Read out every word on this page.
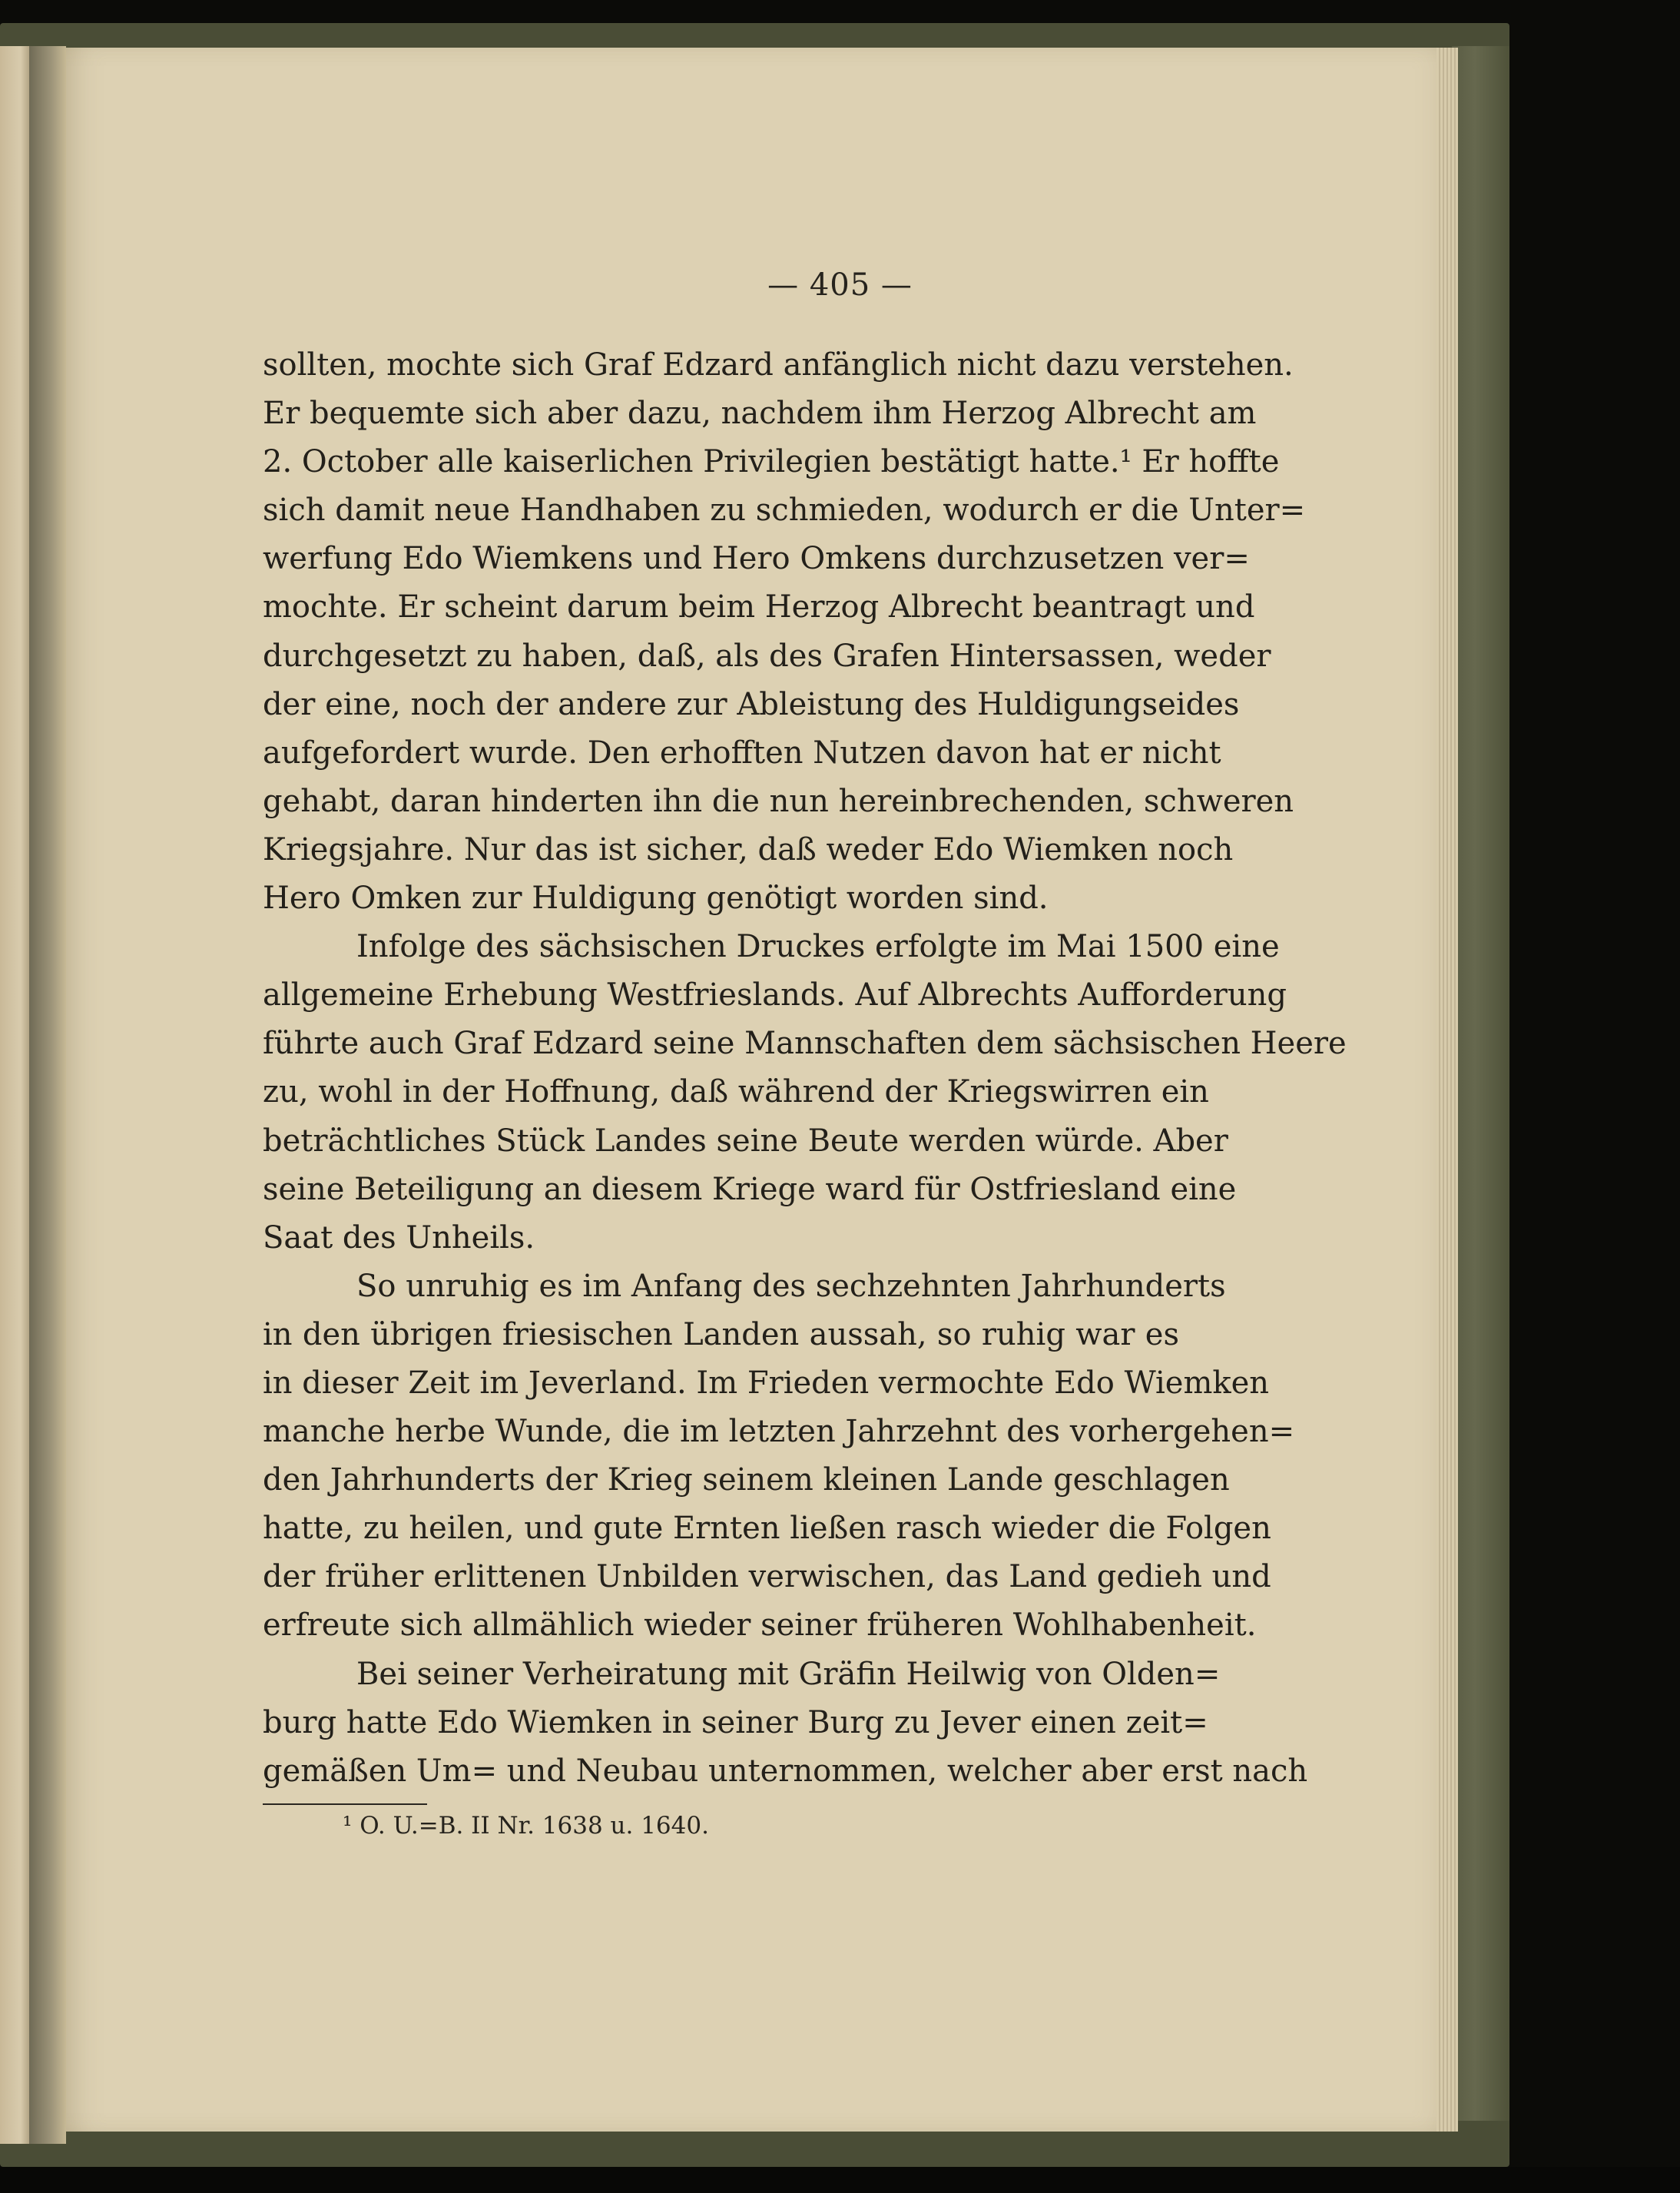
— 405 —
sollten, mochte sich Graf Edzard anfänglich nicht dazu verstehen.
Er bequemte sich aber dazu, nachdem ihm Herzog Albrecht am
2. October alle kaiserlichen Privilegien bestätigt hatte.¹ Er hoffte
sich damit neue Handhaben zu schmieden, wodurch er die Unter=
werfung Edo Wiemkens und Hero Omkens durchzusetzen ver=
mochte. Er scheint darum beim Herzog Albrecht beantragt und
durchgesetzt zu haben, daß, als des Grafen Hintersassen, weder
der eine, noch der andere zur Ableistung des Huldigungseides
aufgefordert wurde. Den erhofften Nutzen davon hat er nicht
gehabt, daran hinderten ihn die nun hereinbrechenden, schweren
Kriegsjahre. Nur das ist sicher, daß weder Edo Wiemken noch
Hero Omken zur Huldigung genötigt worden sind.
Infolge des sächsischen Druckes erfolgte im Mai 1500 eine
allgemeine Erhebung Westfrieslands. Auf Albrechts Aufforderung
führte auch Graf Edzard seine Mannschaften dem sächsischen Heere
zu, wohl in der Hoffnung, daß während der Kriegswirren ein
beträchtliches Stück Landes seine Beute werden würde. Aber
seine Beteiligung an diesem Kriege ward für Ostfriesland eine
Saat des Unheils.
So unruhig es im Anfang des sechzehnten Jahrhunderts
in den übrigen friesischen Landen aussah, so ruhig war es
in dieser Zeit im Jeverland. Im Frieden vermochte Edo Wiemken
manche herbe Wunde, die im letzten Jahrzehnt des vorhergehen=
den Jahrhunderts der Krieg seinem kleinen Lande geschlagen
hatte, zu heilen, und gute Ernten ließen rasch wieder die Folgen
der früher erlittenen Unbilden verwischen, das Land gedieh und
erfreute sich allmählich wieder seiner früheren Wohlhabenheit.
Bei seiner Verheiratung mit Gräfin Heilwig von Olden=
burg hatte Edo Wiemken in seiner Burg zu Jever einen zeit=
gemäßen Um= und Neubau unternommen, welcher aber erst nach
¹ O. U.=B. II Nr. 1638 u. 1640.
